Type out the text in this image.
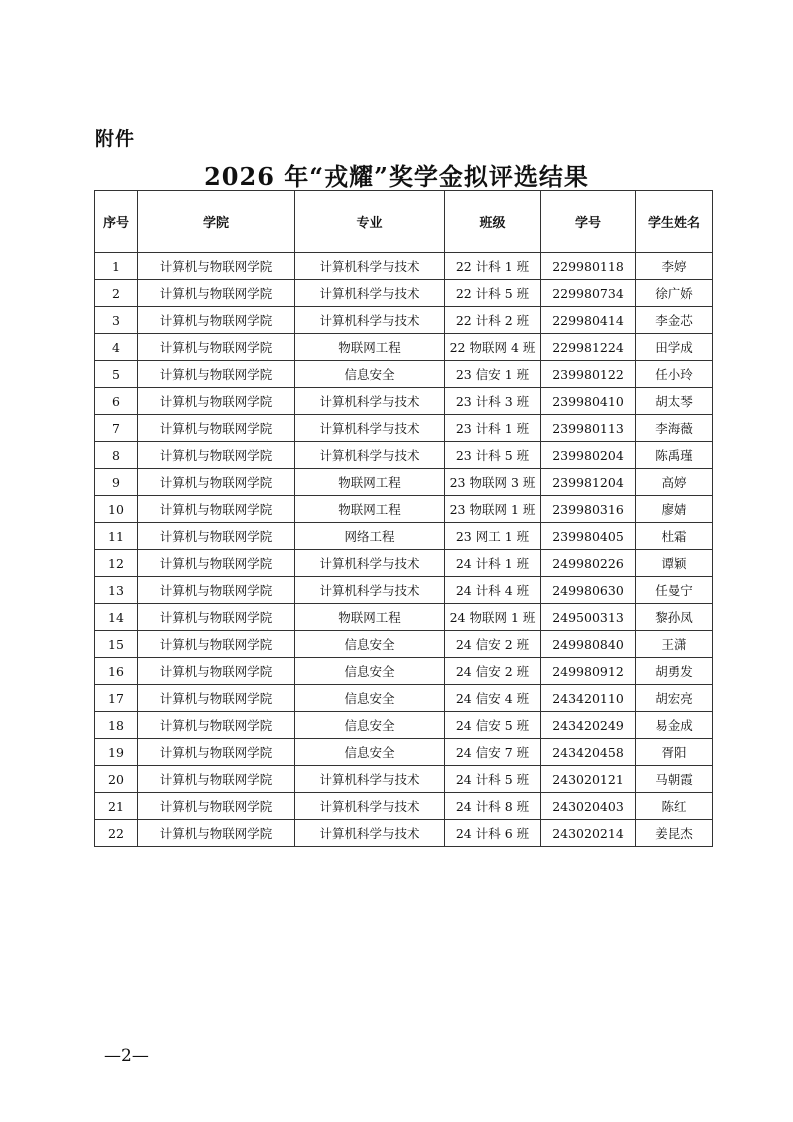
附件
2026 年“戎耀”奖学金拟评选结果
序号	学院	专业	班级	学号	学生姓名
1	计算机与物联网学院	计算机科学与技术	22 计科 1 班	229980118	李婷
2	计算机与物联网学院	计算机科学与技术	22 计科 5 班	229980734	徐广娇
3	计算机与物联网学院	计算机科学与技术	22 计科 2 班	229980414	李金芯
4	计算机与物联网学院	物联网工程	22 物联网 4 班	229981224	田学成
5	计算机与物联网学院	信息安全	23 信安 1 班	239980122	任小玲
6	计算机与物联网学院	计算机科学与技术	23 计科 3 班	239980410	胡太琴
7	计算机与物联网学院	计算机科学与技术	23 计科 1 班	239980113	李海薇
8	计算机与物联网学院	计算机科学与技术	23 计科 5 班	239980204	陈禹瑾
9	计算机与物联网学院	物联网工程	23 物联网 3 班	239981204	高婷
10	计算机与物联网学院	物联网工程	23 物联网 1 班	239980316	廖婧
11	计算机与物联网学院	网络工程	23 网工 1 班	239980405	杜霜
12	计算机与物联网学院	计算机科学与技术	24 计科 1 班	249980226	谭颖
13	计算机与物联网学院	计算机科学与技术	24 计科 4 班	249980630	任曼宁
14	计算机与物联网学院	物联网工程	24 物联网 1 班	249500313	黎孙凤
15	计算机与物联网学院	信息安全	24 信安 2 班	249980840	王潇
16	计算机与物联网学院	信息安全	24 信安 2 班	249980912	胡勇发
17	计算机与物联网学院	信息安全	24 信安 4 班	243420110	胡宏亮
18	计算机与物联网学院	信息安全	24 信安 5 班	243420249	易金成
19	计算机与物联网学院	信息安全	24 信安 7 班	243420458	胥阳
20	计算机与物联网学院	计算机科学与技术	24 计科 5 班	243020121	马朝霞
21	计算机与物联网学院	计算机科学与技术	24 计科 8 班	243020403	陈红
22	计算机与物联网学院	计算机科学与技术	24 计科 6 班	243020214	姜昆杰
—2—
